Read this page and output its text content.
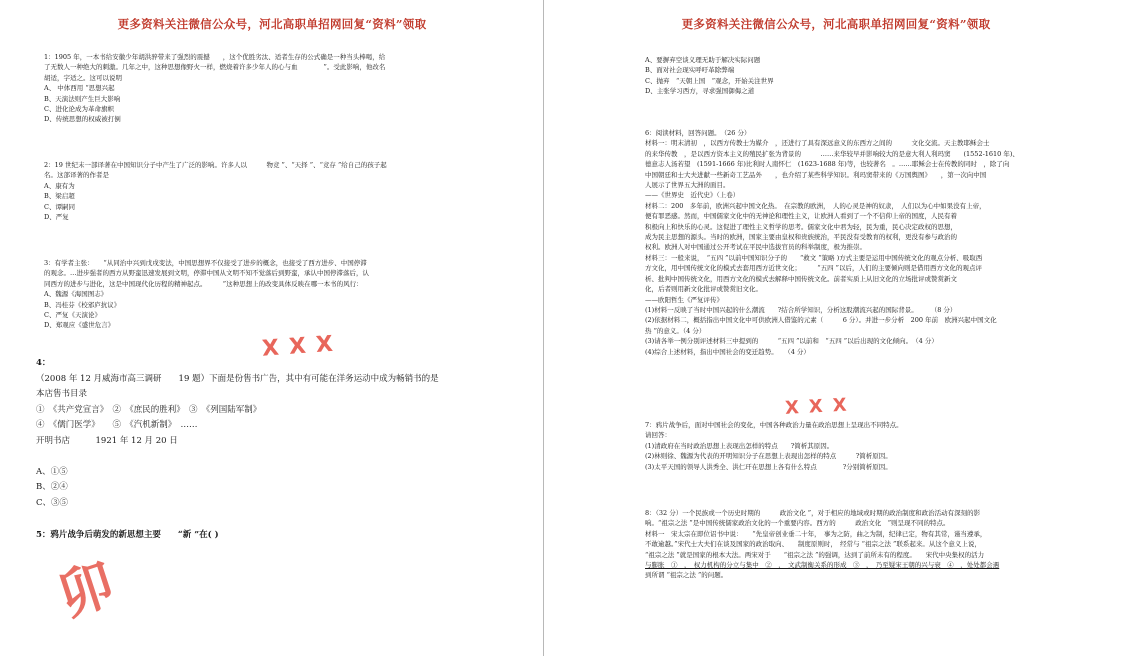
更多资料关注微信公众号，河北高职单招网回复“资料”领取
1：1905 年，一本书给安徽少年胡洪骍带来了强烈的震撼　　，这个优胜劣汰、适者生存的公式确是一种当头棒喝，给
了无数人一种绝大的刺激。几年之中，这种思想像野火一样，燃烧着许多少年人的心与血　　　　”。受此影响，他改名
胡适，字适之。这可以说明
A、 中体西用 “思想兴起
B、天演法则产生巨大影响
C、进化论成为革命旗帜
D、传统思想的权威被打倒
2：19 世纪末一部译著在中国知识分子中产生了广泛的影响。许多人以　　　物竞 ”、“天择 ”、“竞存 ”给自己的孩子起
名。这部译著的作者是
A、康有为
B、梁启超
C、谭嗣同
D、严复
3：有学者主张：　　“从同治中兴到戊戌变法，中国思想界不仅接受了进步的概念，也接受了西方进步、中国停滞
的观念。…进步强者的西方从野蛮迅速发展到文明，停滞中国从文明不知不觉落后到野蛮，承认中国停滞落后，认
同西方的进步与进化，这是中国现代化历程的精神起点。　　　”这种思想上的改变具体反映在哪一本书的风行：
A、魏源《海国图志》
B、冯桂芬《校邠庐抗议》
C、严复《天演论》
D、郑观应《盛世危言》
XXX
4：
（2008 年 12 月威海市高三调研　　19 题）下面是份售书广告，其中有可能在洋务运动中成为畅销书的是
本店售书目录
①　《共产党宣言》　②　《庶民的胜利》　③　《列国陆军制》
④　《儒门医学》　　⑤　《汽机新制》　……
开明书店　　　1921 年 12 月 20 日
A、①⑤
B、②④
C、③⑤
5：鸦片战争后萌发的新思想主要　　“新 ”在( )
卯
更多资料关注微信公众号，河北高职单招网回复“资料”领取
A、要摒弃空谈义理无助于解决实际问题
B、面对社会现实呼吁革除弊端
C、抛弃　“天朝上国　”观念，开始关注世界
D、主张学习西方，寻求强国御侮之道
6：阅读材料，回答问题。　（26 分）
材料一：明末清初　，以西方传教士为媒介　，还进行了具有深远意义的东西方之间的　　　文化交流。天主教耶稣会士
的来华传教　，是以西方资本主义的殖民扩张为背景的　　　……来华较早并影响较大的是意大利人利玛窦　　(1552-1610 年)、
德意志人汤若望　(1591-1666 年)比利时人南怀仁　(1623-1688 年)等，也较著名　。……耶稣会士在传教的同时　，除了向
中国朝廷和士大夫进献一些新奇工艺品外　　，也介绍了某些科学知识。利玛窦带来的《万国舆图》　　，第一次向中国
人展示了世界五大洲的面目。
——《世界史　近代史》（上卷）
材料二：200　多年前，欧洲兴起中国文化热。　在宗教的欧洲，　人的心灵是神的奴隶，　人们以为心中如果没有上帝，
便有罪恶感。然而，中国儒家文化中的无神论和理性主义，让欧洲人看到了一个不信仰上帝的国度，人民有着
积极向上和快乐的心灵。这促进了理性主义哲学的思考。儒家文化中君为轻，民为重，民心决定政权的思想，
成为民主思想的源头。当时的欧洲，国家主要由皇权和贵族统治，平民没有受教育的权利，更没有参与政治的
权利。欧洲人对中国通过公开考试在平民中选拔官员的科举制度，极为推崇。
材料三：一般来说，　“五四 ”以前中国知识分子的　　“救文 ”策略 )方式主要是运用中国传统文化的观点分析、吸取西
方文化，用中国传统文化的模式去套用西方近世文化；　　　“五四 ”以后，人们的主要倾向则是借用西方文化的观点评
析、批判中国传统文化，用西方文化的模式去解释中国传统文化。前者实质上从旧文化的立场批评或赞赏新文
化，后者则用新文化批评或赞赏旧文化。
——欧阳哲生《严复评传》
(1)材料一反映了当时中国兴起的什么潮流　　?结合所学知识，分析这股潮流兴起的国际背景。　　　（8 分）
(2)依据材料二，概括指出中国文化中可供欧洲人借鉴的元素（　　　6 分）。并进一步分析　200 年前　欧洲兴起中国文化
热 ”的意义。（4 分）
(3)请各举一例分别评述材料三中提到的　　　“五四 ”以前和　“五四 ”以后出现的文化倾向。　（4 分）
(4)综合上述材料，指出中国社会的变迁趋势。　　（4 分）
XXX
7：鸦片战争后，面对中国社会的变化，中国各种政治力量在政治思想上呈现出不同特点。
请回答：
(1)清政府在当时政治思想上表现出怎样的特点　　?简析其原因。
(2)林则徐、魏源为代表的开明知识分子在思想上表现出怎样的特点　　　?简析原因。
(3)太平天国的领导人洪秀全、洪仁玕在思想上各有什么特点　　　　?分别简析原因。
8：（32 分）一个民族或一个历史时期的　　　政治文化 ”，对于相应的地域或时期的政治制度和政治活动有深刻的影
响。“祖宗之法 ”是中国传统儒家政治文化的一个重要内容。西方的　　　政治文化　”则呈现不同的特点。
材料一　宋太宗在即位诏书中说：　　“先皇帝创业垂二十年，　事为之防，曲之为制，纪律已定，物有其常，谨当遵承，
不敢逾越。”宋代士大夫们在谈及国家的政治取向、　　制度原则时，　经常与 “祖宗之法 ”联系起来。从这个意义上说，
“祖宗之法 ”就是国家的根本大法。两宋对于　　“祖宗之法 ”的强调，达到了前所未有的程度。　　宋代中央集权的活力
与膨胀　①　，　权力机构的分立与集中　②　，　文武制衡关系的形成　③　，　乃至疑宋王朝的兴与衰　④　，处处都会遇
到所谓 “祖宗之法 ”的问题。
